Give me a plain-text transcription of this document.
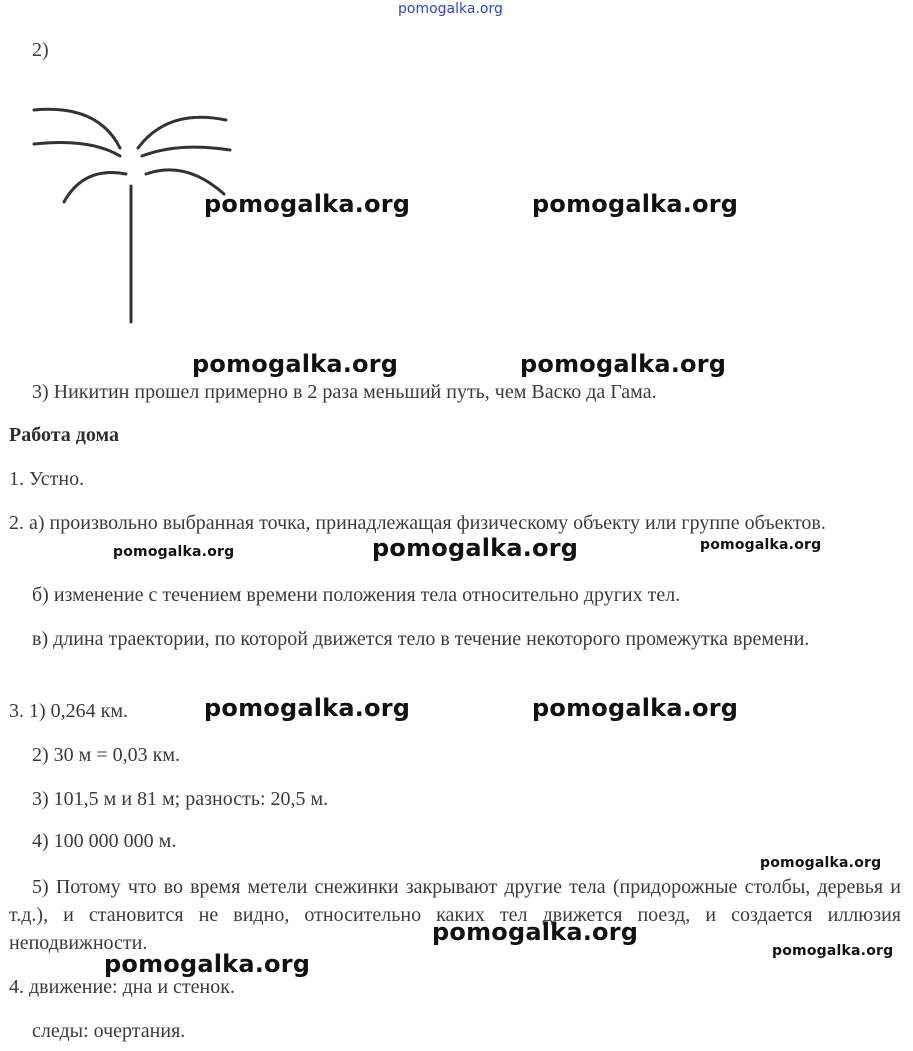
pomogalka.org
2)
3) Никитин прошел примерно в 2 раза меньший путь, чем Васко да Гама.
Работа дома
1. Устно.
2. а) произвольно выбранная точка, принадлежащая физическому объекту или группе объектов.
б) изменение с течением времени положения тела относительно других тел.
в) длина траектории, по которой движется тело в течение некоторого промежутка времени.
3. 1) 0,264 км.
2) 30 м = 0,03 км.
3) 101,5 м и 81 м; разность: 20,5 м.
4) 100 000 000 м.
5) Потому что во время метели снежинки закрывают другие тела (придорожные столбы, деревья и т.д.), и становится не видно, относительно каких тел движется поезд, и создается иллюзия неподвижности.
4. движение: дна и стенок.
следы: очертания.
pomogalka.org	pomogalka.org
pomogalka.org	pomogalka.org
pomogalka.org	pomogalka.org	pomogalka.org
pomogalka.org	pomogalka.org
pomogalka.org
pomogalka.org
pomogalka.org
pomogalka.org
